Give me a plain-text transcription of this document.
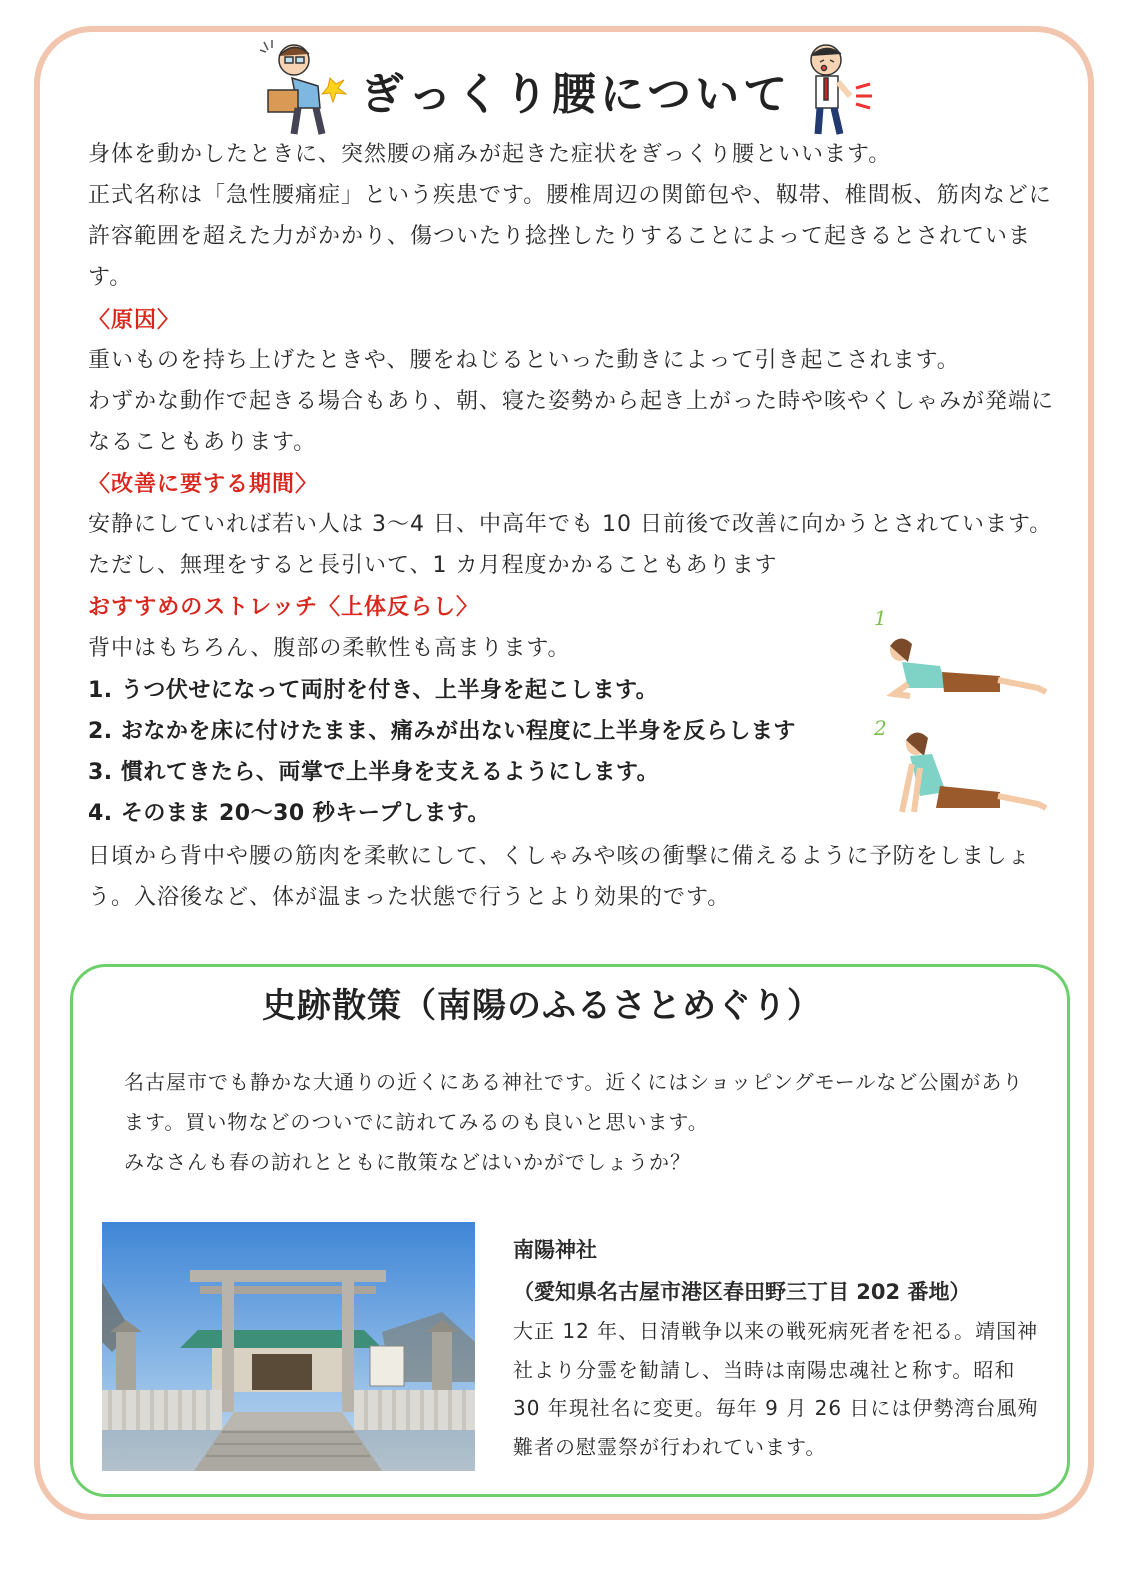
ぎっくり腰について

身体を動かしたときに、突然腰の痛みが起きた症状をぎっくり腰といいます。
正式名称は「急性腰痛症」という疾患です。腰椎周辺の関節包や、靱帯、椎間板、筋肉などに許容範囲を超えた力がかかり、傷ついたり捻挫したりすることによって起きるとされています。

〈原因〉

重いものを持ち上げたときや、腰をねじるといった動きによって引き起こされます。
わずかな動作で起きる場合もあり、朝、寝た姿勢から起き上がった時や咳やくしゃみが発端になることもあります。

〈改善に要する期間〉

安静にしていれば若い人は 3～4 日、中高年でも 10 日前後で改善に向かうとされています。ただし、無理をすると長引いて、1 カ月程度かかることもあります

おすすめのストレッチ〈上体反らし〉

背中はもちろん、腹部の柔軟性も高まります。

1. うつ伏せになって両肘を付き、上半身を起こします。
2. おなかを床に付けたまま、痛みが出ない程度に上半身を反らします
3. 慣れてきたら、両掌で上半身を支えるようにします。
4. そのまま 20～30 秒キープします。
1
2

日頃から背中や腰の筋肉を柔軟にして、くしゃみや咳の衝撃に備えるように予防をしましょう。入浴後など、体が温まった状態で行うとより効果的です。

史跡散策（南陽のふるさとめぐり）

名古屋市でも静かな大通りの近くにある神社です。近くにはショッピングモールなど公園があります。買い物などのついでに訪れてみるのも良いと思います。
みなさんも春の訪れとともに散策などはいかがでしょうか？

南陽神社
（愛知県名古屋市港区春田野三丁目 202 番地）

大正 12 年、日清戦争以来の戦死病死者を祀る。靖国神社より分霊を勧請し、当時は南陽忠魂社と称す。昭和 30 年現社名に変更。毎年 9 月 26 日には伊勢湾台風殉難者の慰霊祭が行われています。
